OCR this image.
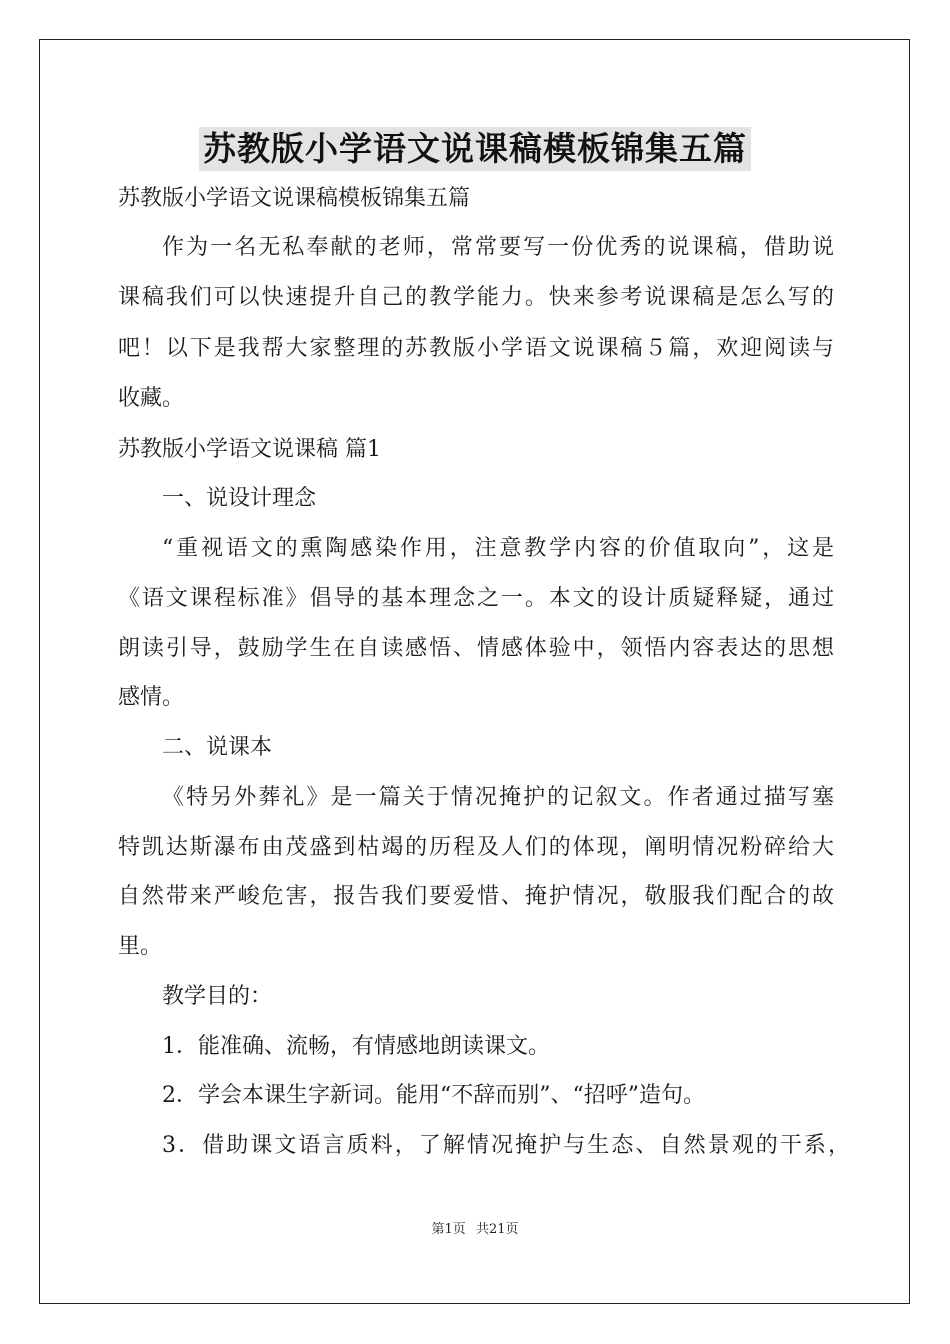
苏教版小学语文说课稿模板锦集五篇
苏教版小学语文说课稿模板锦集五篇
作为一名无私奉献的老师，常常要写一份优秀的说课稿，借助说
课稿我们可以快速提升自己的教学能力。快来参考说课稿是怎么写的
吧！以下是我帮大家整理的苏教版小学语文说课稿５篇，欢迎阅读与
收藏。
苏教版小学语文说课稿 篇1
一、说设计理念
“重视语文的熏陶感染作用，注意教学内容的价值取向”，这是
《语文课程标准》倡导的基本理念之一。本文的设计质疑释疑，通过
朗读引导，鼓励学生在自读感悟、情感体验中，领悟内容表达的思想
感情。
二、说课本
《特另外葬礼》是一篇关于情况掩护的记叙文。作者通过描写塞
特凯达斯瀑布由茂盛到枯竭的历程及人们的体现，阐明情况粉碎给大
自然带来严峻危害，报告我们要爱惜、掩护情况，敬服我们配合的故
里。
教学目的：
1．能准确、流畅，有情感地朗读课文。
2．学会本课生字新词。能用“不辞而别”、“招呼”造句。
3．借助课文语言质料，了解情况掩护与生态、自然景观的干系，
第1页 共21页
